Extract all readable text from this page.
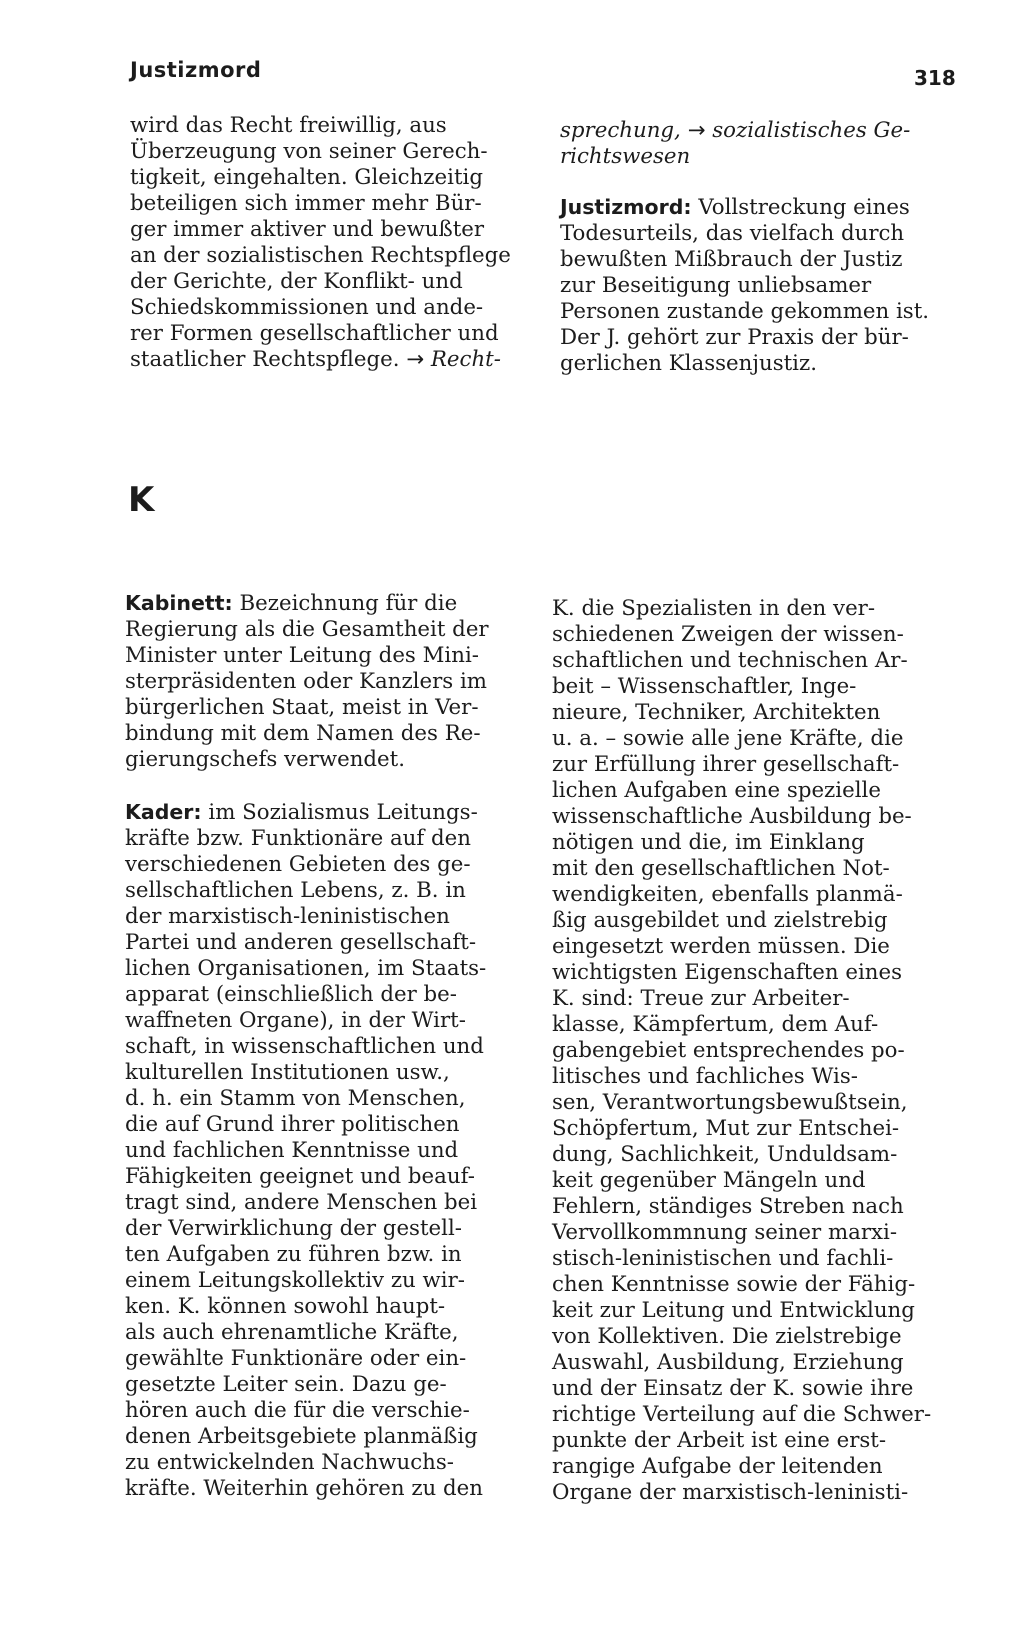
Justizmord	318
wird das Recht freiwillig, aus
Überzeugung von seiner Gerech-
tigkeit, eingehalten. Gleichzeitig
beteiligen sich immer mehr Bür-
ger immer aktiver und bewußter
an der sozialistischen Rechtspflege
der Gerichte, der Konflikt- und
Schiedskommissionen und ande-
rer Formen gesellschaftlicher und
staatlicher Rechtspflege. → Recht-
sprechung, → sozialistisches Ge-
richtswesen
Justizmord: Vollstreckung eines
Todesurteils, das vielfach durch
bewußten Mißbrauch der Justiz
zur Beseitigung unliebsamer
Personen zustande gekommen ist.
Der J. gehört zur Praxis der bür-
gerlichen Klassenjustiz.
K
Kabinett: Bezeichnung für die
Regierung als die Gesamtheit der
Minister unter Leitung des Mini-
sterpräsidenten oder Kanzlers im
bürgerlichen Staat, meist in Ver-
bindung mit dem Namen des Re-
gierungschefs verwendet.
Kader: im Sozialismus Leitungs-
kräfte bzw. Funktionäre auf den
verschiedenen Gebieten des ge-
sellschaftlichen Lebens, z. B. in
der marxistisch-leninistischen
Partei und anderen gesellschaft-
lichen Organisationen, im Staats-
apparat (einschließlich der be-
waffneten Organe), in der Wirt-
schaft, in wissenschaftlichen und
kulturellen Institutionen usw.,
d. h. ein Stamm von Menschen,
die auf Grund ihrer politischen
und fachlichen Kenntnisse und
Fähigkeiten geeignet und beauf-
tragt sind, andere Menschen bei
der Verwirklichung der gestell-
ten Aufgaben zu führen bzw. in
einem Leitungskollektiv zu wir-
ken. K. können sowohl haupt-
als auch ehrenamtliche Kräfte,
gewählte Funktionäre oder ein-
gesetzte Leiter sein. Dazu ge-
hören auch die für die verschie-
denen Arbeitsgebiete planmäßig
zu entwickelnden Nachwuchs-
kräfte. Weiterhin gehören zu den
K. die Spezialisten in den ver-
schiedenen Zweigen der wissen-
schaftlichen und technischen Ar-
beit – Wissenschaftler, Inge-
nieure, Techniker, Architekten
u. a. – sowie alle jene Kräfte, die
zur Erfüllung ihrer gesellschaft-
lichen Aufgaben eine spezielle
wissenschaftliche Ausbildung be-
nötigen und die, im Einklang
mit den gesellschaftlichen Not-
wendigkeiten, ebenfalls planmä-
ßig ausgebildet und zielstrebig
eingesetzt werden müssen. Die
wichtigsten Eigenschaften eines
K. sind: Treue zur Arbeiter-
klasse, Kämpfertum, dem Auf-
gabengebiet entsprechendes po-
litisches und fachliches Wis-
sen, Verantwortungsbewußtsein,
Schöpfertum, Mut zur Entschei-
dung, Sachlichkeit, Unduldsam-
keit gegenüber Mängeln und
Fehlern, ständiges Streben nach
Vervollkommnung seiner marxi-
stisch-leninistischen und fachli-
chen Kenntnisse sowie der Fähig-
keit zur Leitung und Entwicklung
von Kollektiven. Die zielstrebige
Auswahl, Ausbildung, Erziehung
und der Einsatz der K. sowie ihre
richtige Verteilung auf die Schwer-
punkte der Arbeit ist eine erst-
rangige Aufgabe der leitenden
Organe der marxistisch-leninisti-
